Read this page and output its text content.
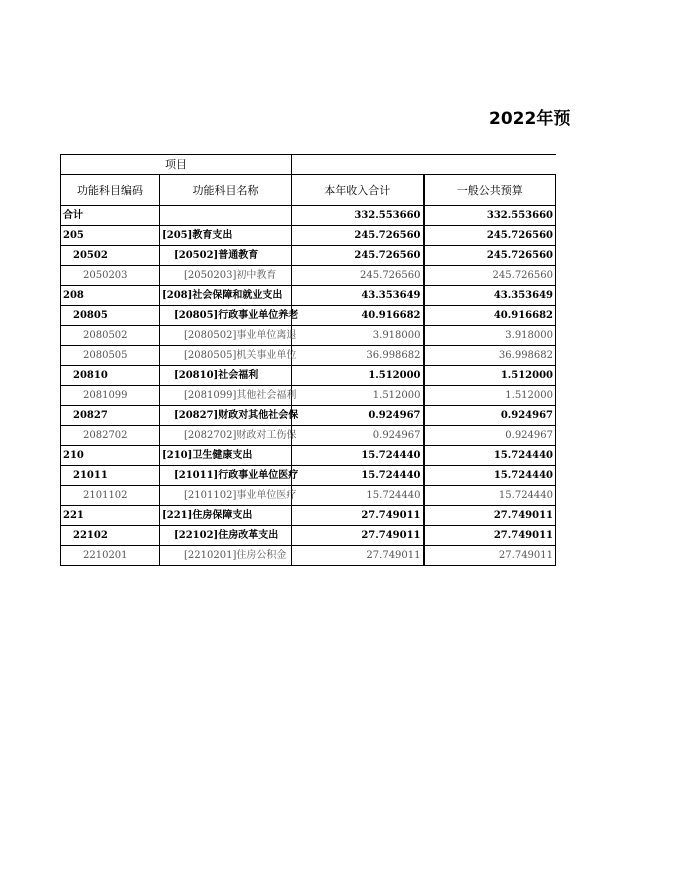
2022年预
项目			
功能科目编码	功能科目名称	本年收入合计	一般公共预算
合计		332.553660	332.553660
205	[205]教育支出	245.726560	245.726560
20502	[20502]普通教育	245.726560	245.726560
2050203	[2050203]初中教育	245.726560	245.726560
208	[208]社会保障和就业支出	43.353649	43.353649
20805	[20805]行政事业单位养老	40.916682	40.916682
2080502	[2080502]事业单位离退	3.918000	3.918000
2080505	[2080505]机关事业单位	36.998682	36.998682
20810	[20810]社会福利	1.512000	1.512000
2081099	[2081099]其他社会福利	1.512000	1.512000
20827	[20827]财政对其他社会保	0.924967	0.924967
2082702	[2082702]财政对工伤保	0.924967	0.924967
210	[210]卫生健康支出	15.724440	15.724440
21011	[21011]行政事业单位医疗	15.724440	15.724440
2101102	[2101102]事业单位医疗	15.724440	15.724440
221	[221]住房保障支出	27.749011	27.749011
22102	[22102]住房改革支出	27.749011	27.749011
2210201	[2210201]住房公积金	27.749011	27.749011
